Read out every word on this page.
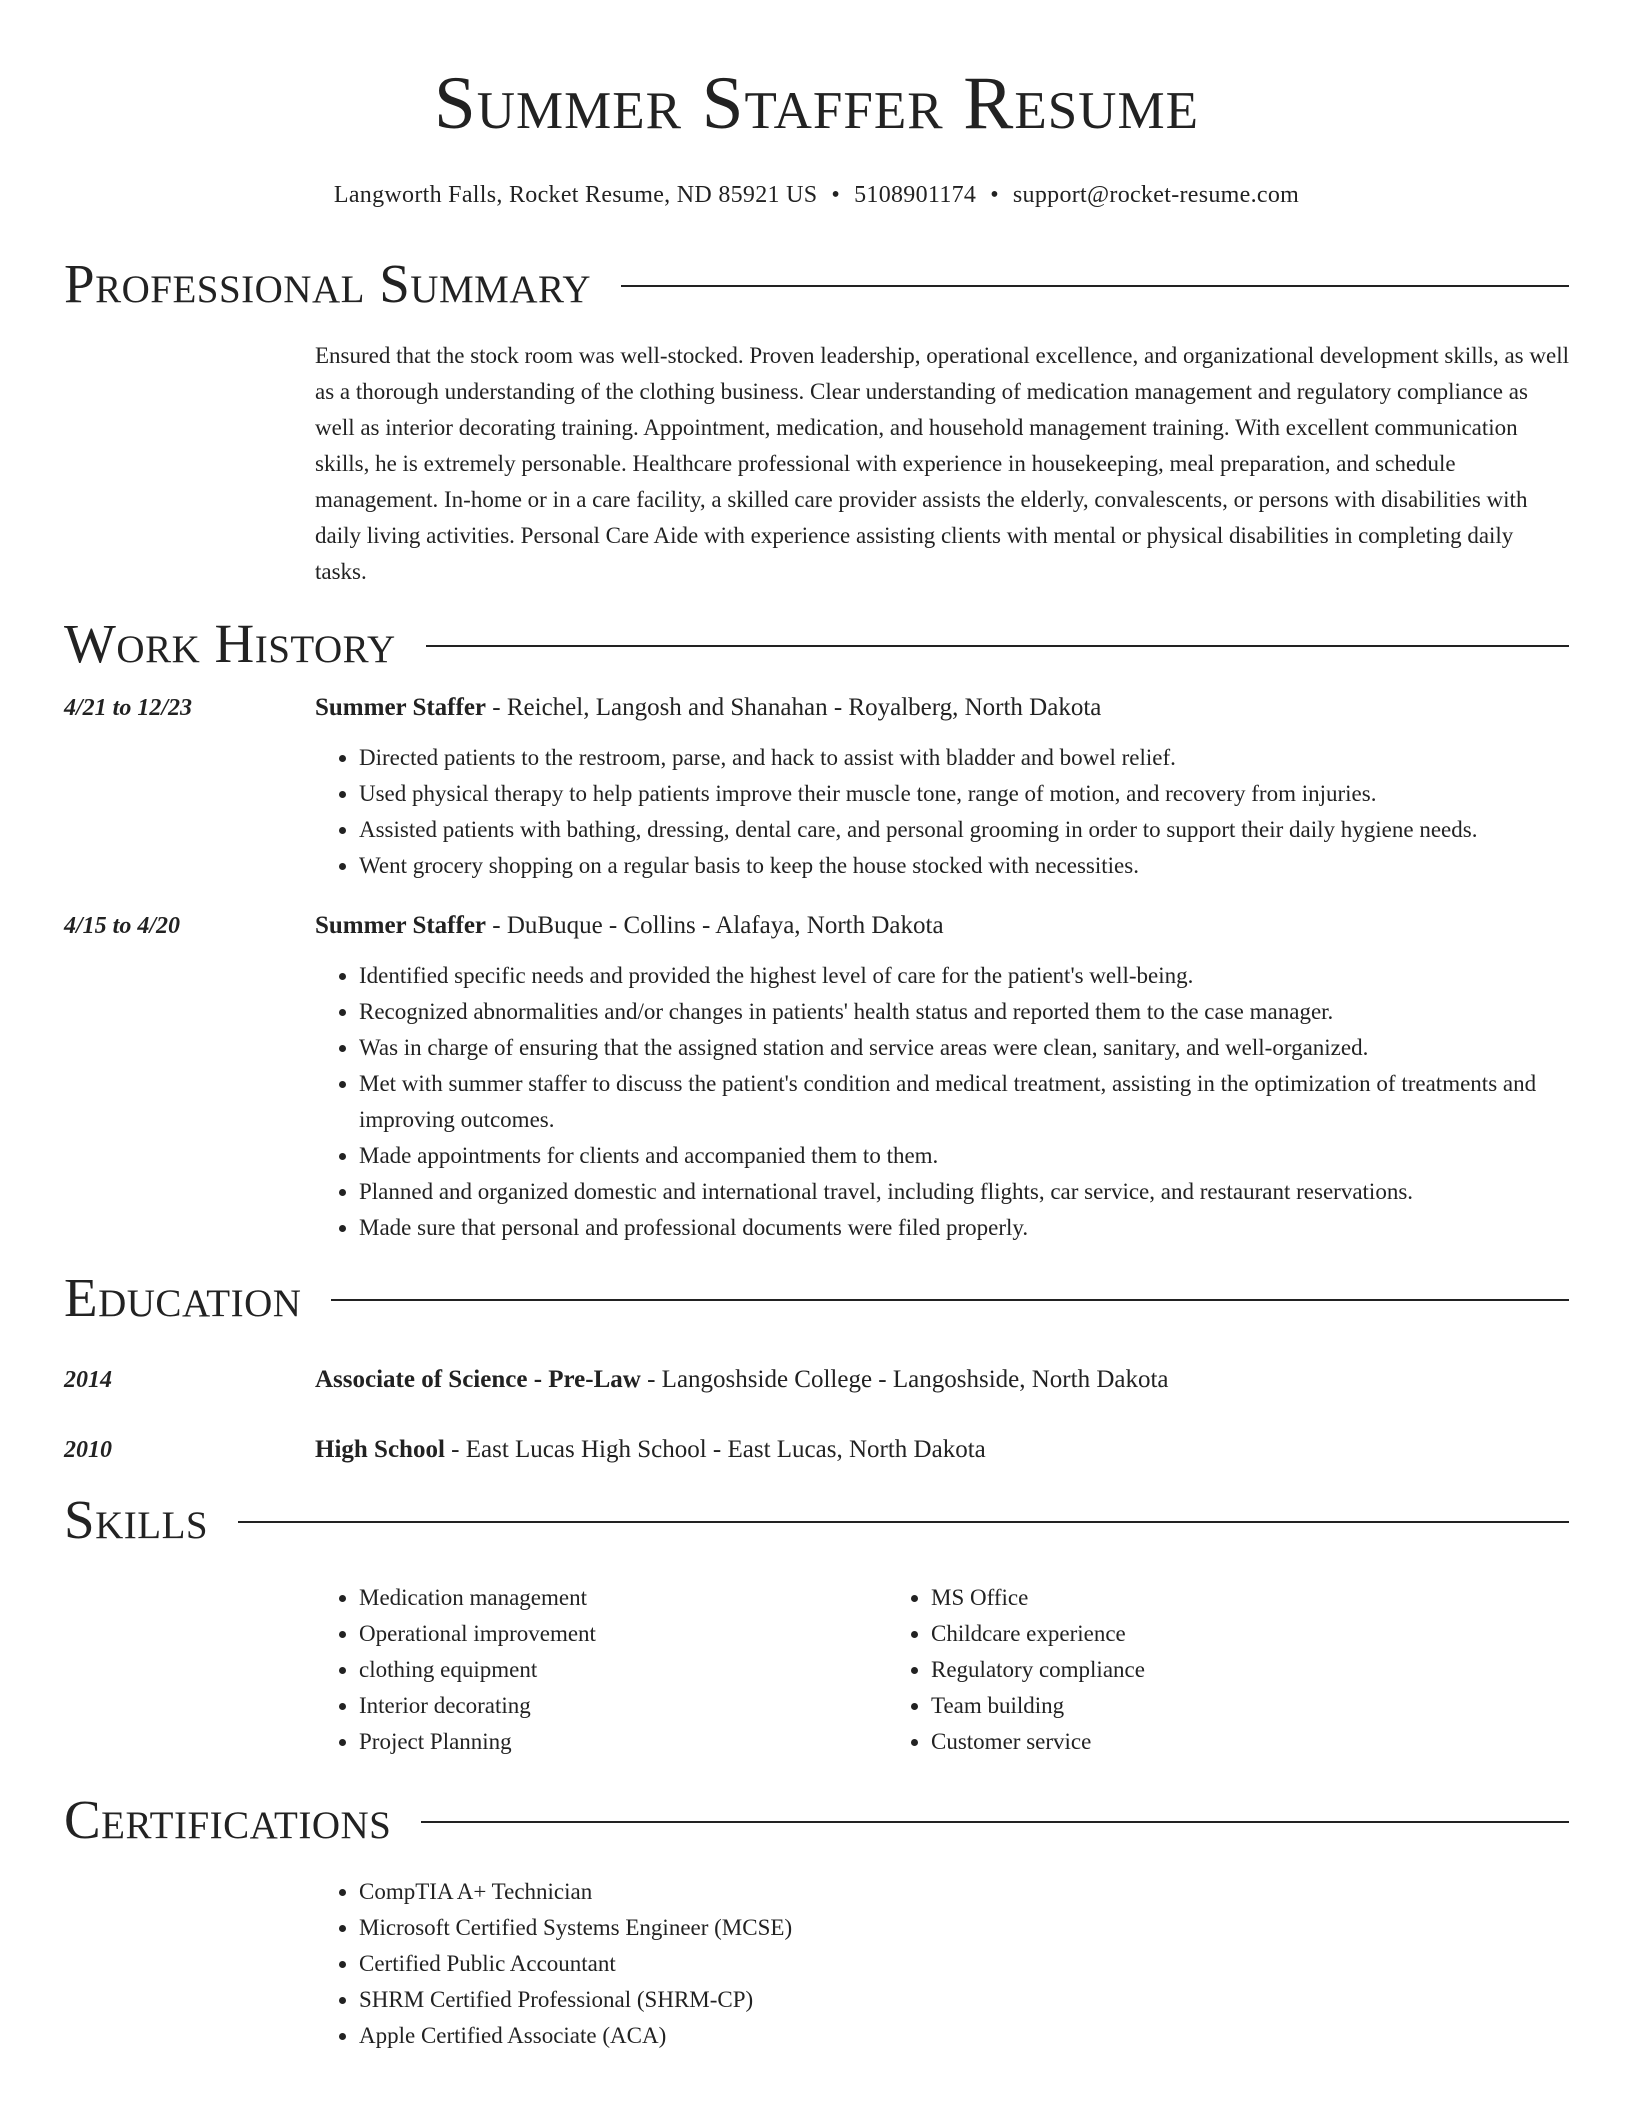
Summer Staffer Resume
Langworth Falls, Rocket Resume, ND 85921 US • 5108901174 • support@rocket-resume.com
Professional Summary

Ensured that the stock room was well-stocked. Proven leadership, operational excellence, and organizational development skills, as well as a thorough understanding of the clothing business. Clear understanding of medication management and regulatory compliance as well as interior decorating training. Appointment, medication, and household management training. With excellent communication skills, he is extremely personable. Healthcare professional with experience in housekeeping, meal preparation, and schedule management. In-home or in a care facility, a skilled care provider assists the elderly, convalescents, or persons with disabilities with daily living activities. Personal Care Aide with experience assisting clients with mental or physical disabilities in completing daily tasks.

Work History
4/21 to 12/23	Summer Staffer - Reichel, Langosh and Shanahan - Royalberg, North Dakota
• Directed patients to the restroom, parse, and hack to assist with bladder and bowel relief.
• Used physical therapy to help patients improve their muscle tone, range of motion, and recovery from injuries.
• Assisted patients with bathing, dressing, dental care, and personal grooming in order to support their daily hygiene needs.
• Went grocery shopping on a regular basis to keep the house stocked with necessities.
4/15 to 4/20	Summer Staffer - DuBuque - Collins - Alafaya, North Dakota
• Identified specific needs and provided the highest level of care for the patient's well-being.
• Recognized abnormalities and/or changes in patients' health status and reported them to the case manager.
• Was in charge of ensuring that the assigned station and service areas were clean, sanitary, and well-organized.
• Met with summer staffer to discuss the patient's condition and medical treatment, assisting in the optimization of treatments and improving outcomes.
• Made appointments for clients and accompanied them to them.
• Planned and organized domestic and international travel, including flights, car service, and restaurant reservations.
• Made sure that personal and professional documents were filed properly.
Education
2014	Associate of Science - Pre-Law - Langoshside College - Langoshside, North Dakota
2010	High School - East Lucas High School - East Lucas, North Dakota
Skills
• Medication management
• Operational improvement
• clothing equipment
• Interior decorating
• Project Planning
• MS Office
• Childcare experience
• Regulatory compliance
• Team building
• Customer service
Certifications
• CompTIA A+ Technician
• Microsoft Certified Systems Engineer (MCSE)
• Certified Public Accountant
• SHRM Certified Professional (SHRM-CP)
• Apple Certified Associate (ACA)
